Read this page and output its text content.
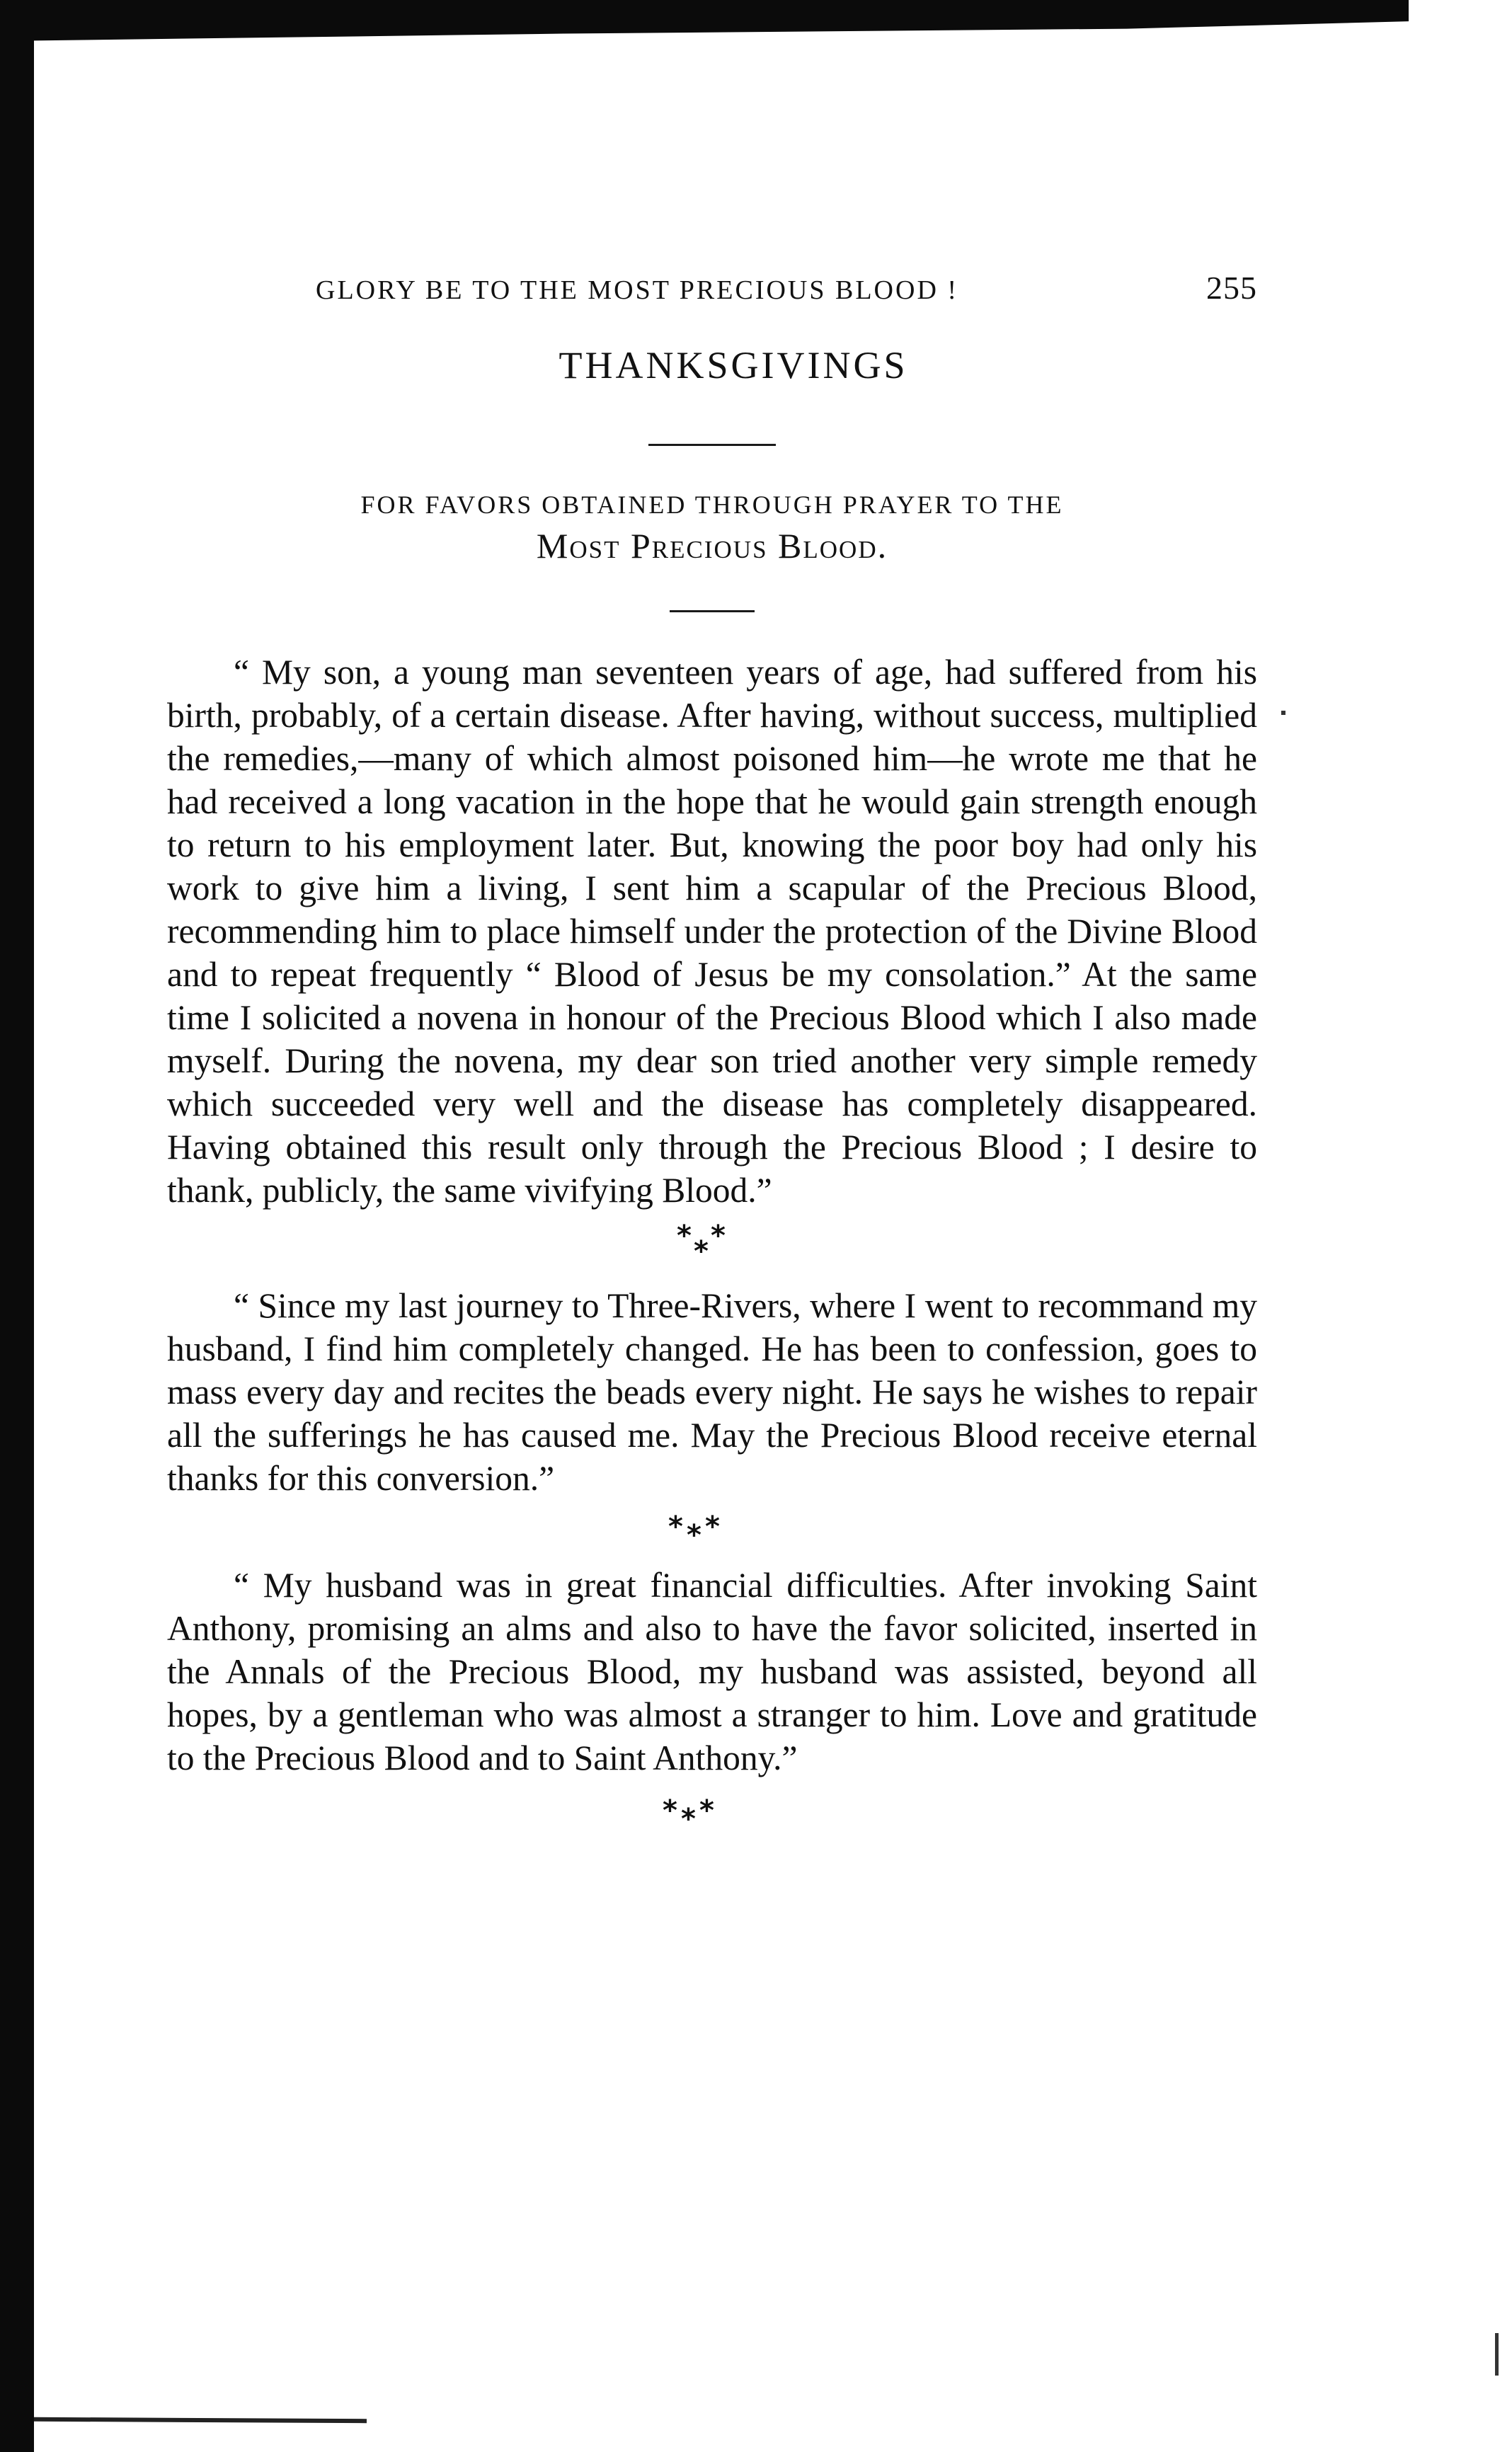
GLORY BE TO THE MOST PRECIOUS BLOOD !	255
THANKSGIVINGS
FOR FAVORS OBTAINED THROUGH PRAYER TO THE
Most Precious Blood.

“ My son, a young man seventeen years of age, had suffered from his birth, probably, of a certain disease. After having, without success, multiplied the remedies,—many of which almost poisoned him—he wrote me that he had received a long vacation in the hope that he would gain strength enough to return to his employment later. But, knowing the poor boy had only his work to give him a living, I sent him a scapular of the Precious Blood, recommending him to place himself under the protection of the Divine Blood and to repeat frequently “ Blood of Jesus be my consolation.” At the same time I solicited a novena in honour of the Precious Blood which I also made myself. During the novena, my dear son tried another very simple remedy which succeeded very well and the disease has completely disappeared. Having obtained this result only through the Precious Blood ; I desire to thank, publicly, the same vivifying Blood.”

* *
*

“ Since my last journey to Three-Rivers, where I went to recommand my husband, I find him completely changed. He has been to confession, goes to mass every day and recites the beads every night. He says he wishes to repair all the sufferings he has caused me. May the Precious Blood receive eternal thanks for this conversion.”

* * *

“ My husband was in great financial difficulties. After invoking Saint Anthony, promising an alms and also to have the favor solicited, inserted in the Annals of the Precious Blood, my husband was assisted, beyond all hopes, by a gentleman who was almost a stranger to him. Love and gratitude to the Precious Blood and to Saint Anthony.”

* * *
